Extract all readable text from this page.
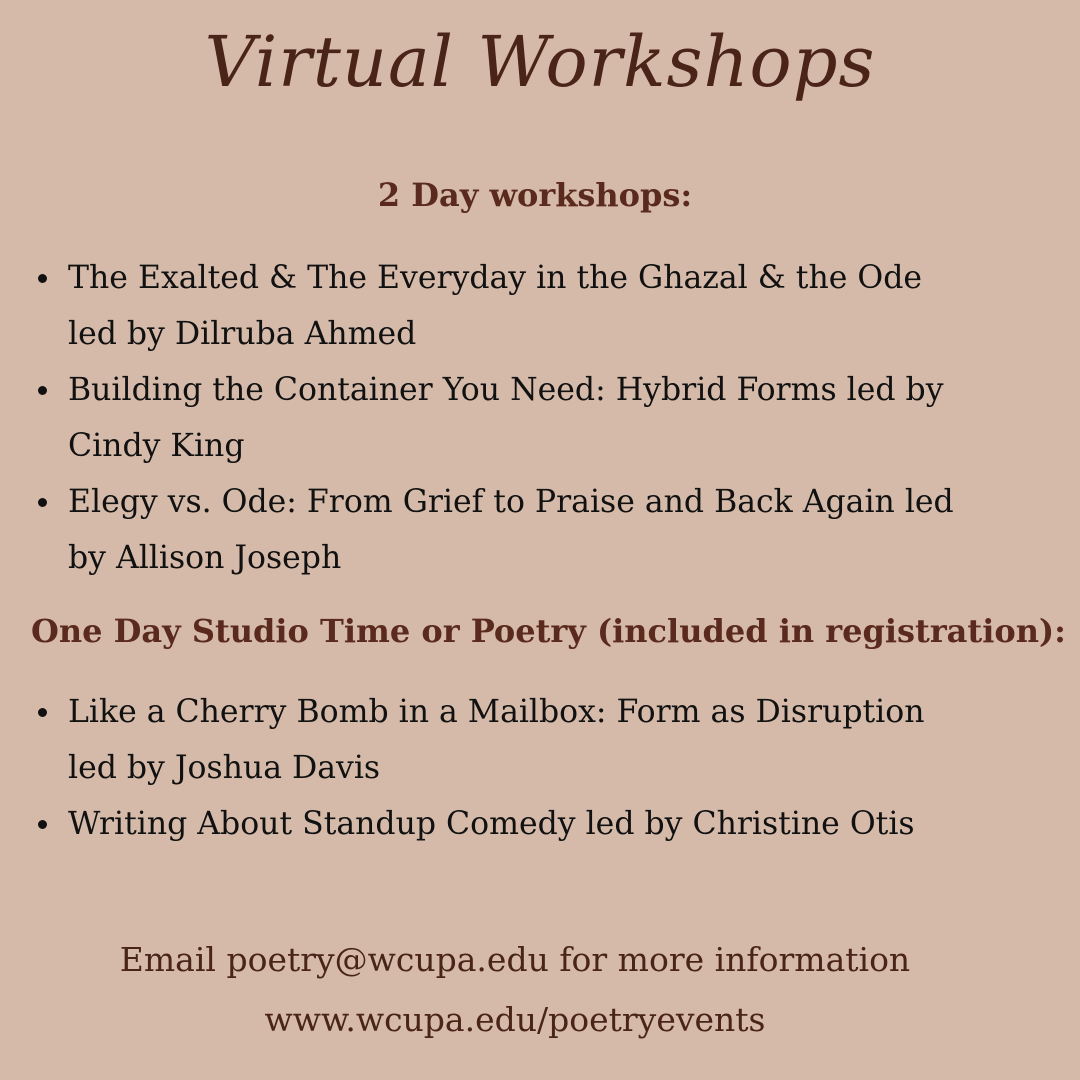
Virtual Workshops
2 Day workshops:
The Exalted & The Everyday in the Ghazal & the Ode led by Dilruba Ahmed
Building the Container You Need: Hybrid Forms led by Cindy King
Elegy vs. Ode: From Grief to Praise and Back Again led by Allison Joseph
One Day Studio Time or Poetry (included in registration):
Like a Cherry Bomb in a Mailbox: Form as Disruption led by Joshua Davis
Writing About Standup Comedy led by Christine Otis
Email poetry@wcupa.edu for more information
www.wcupa.edu/poetryevents
